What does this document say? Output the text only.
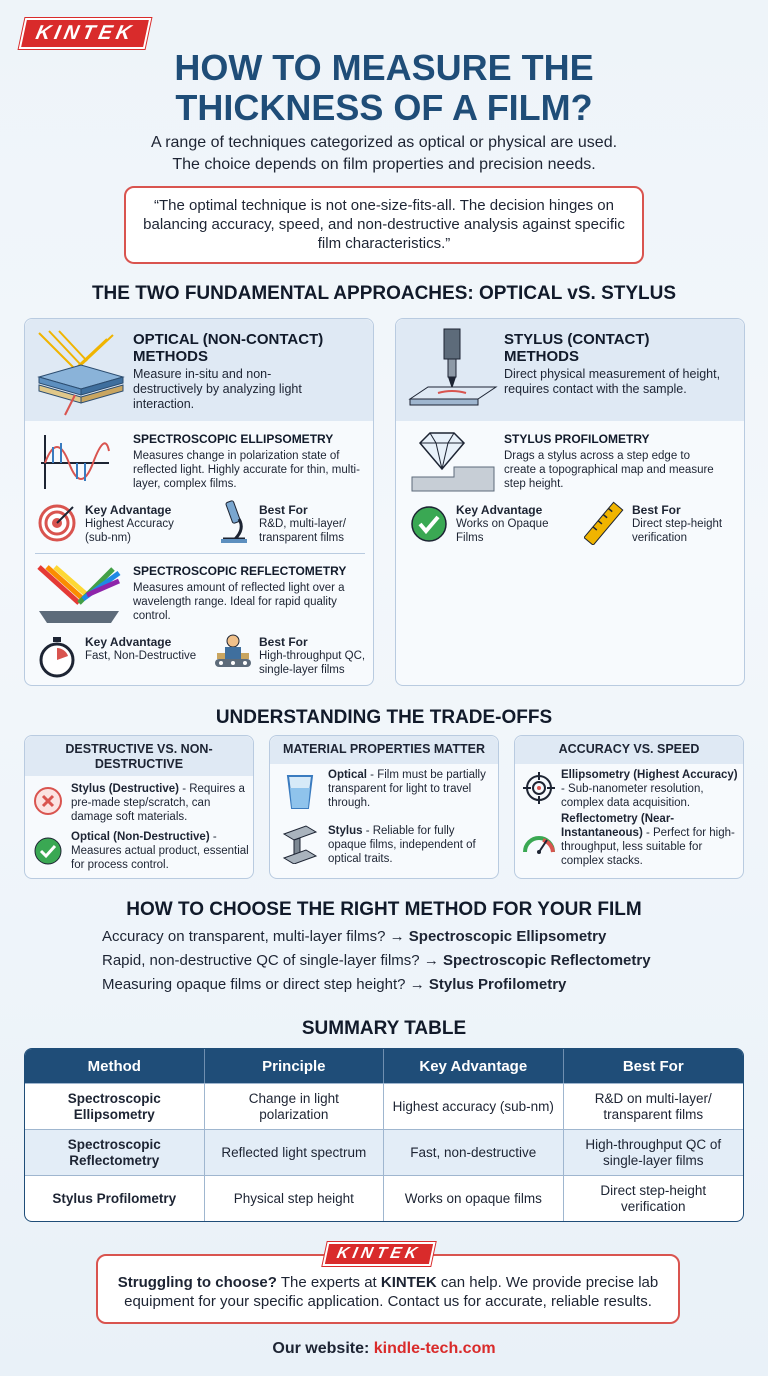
KINTEK
HOW TO MEASURE THE
THICKNESS OF A FILM?
A range of techniques categorized as optical or physical are used.
The choice depends on film properties and precision needs.
“The optimal technique is not one-size-fits-all. The decision hinges on balancing accuracy, speed, and non-destructive analysis against specific film characteristics.”
THE TWO FUNDAMENTAL APPROACHES: OPTICAL vS. STYLUS
OPTICAL (NON-CONTACT)
METHODS
Measure in-situ and non-destructively by analyzing light interaction.
SPECTROSCOPIC ELLIPSOMETRY
Measures change in polarization state of reflected light. Highly accurate for thin, multi-layer, complex films.
Key Advantage
Highest Accuracy (sub-nm)
Best For
R&D, multi-layer/ transparent films
SPECTROSCOPIC REFLECTOMETRY
Measures amount of reflected light over a wavelength range. Ideal for rapid quality control.
Key Advantage
Fast, Non-Destructive
Best For
High-throughput QC, single-layer films
STYLUS (CONTACT)
METHODS
Direct physical measurement of height, requires contact with the sample.
STYLUS PROFILOMETRY
Drags a stylus across a step edge to create a topographical map and measure step height.
Key Advantage
Works on Opaque Films
Best For
Direct step-height verification
UNDERSTANDING THE TRADE-OFFS
DESTRUCTIVE VS. NON-DESTRUCTIVE
Stylus (Destructive) - Requires a pre-made step/scratch, can damage soft materials.
Optical (Non-Destructive) - Measures actual product, essential for process control.
MATERIAL PROPERTIES MATTER
Optical - Film must be partially transparent for light to travel through.
Stylus - Reliable for fully opaque films, independent of optical traits.
ACCURACY VS. SPEED
Ellipsometry (Highest Accuracy) - Sub-nanometer resolution, complex data acquisition.
Reflectometry (Near-Instantaneous) - Perfect for high-throughput, less suitable for complex stacks.
HOW TO CHOOSE THE RIGHT METHOD FOR YOUR FILM
Accuracy on transparent, multi-layer films? → Spectroscopic Ellipsometry
Rapid, non-destructive QC of single-layer films? → Spectroscopic Reflectometry
Measuring opaque films or direct step height? → Stylus Profilometry
SUMMARY TABLE
Method	Principle	Key Advantage	Best For
Spectroscopic Ellipsometry	Change in light polarization	Highest accuracy (sub-nm)	R&D on multi-layer/ transparent films
Spectroscopic Reflectometry	Reflected light spectrum	Fast, non-destructive	High-throughput QC of single-layer films
Stylus Profilometry	Physical step height	Works on opaque films	Direct step-height verification
KINTEK
Struggling to choose? The experts at KINTEK can help. We provide precise lab equipment for your specific application. Contact us for accurate, reliable results.
Our website: kindle-tech.com
